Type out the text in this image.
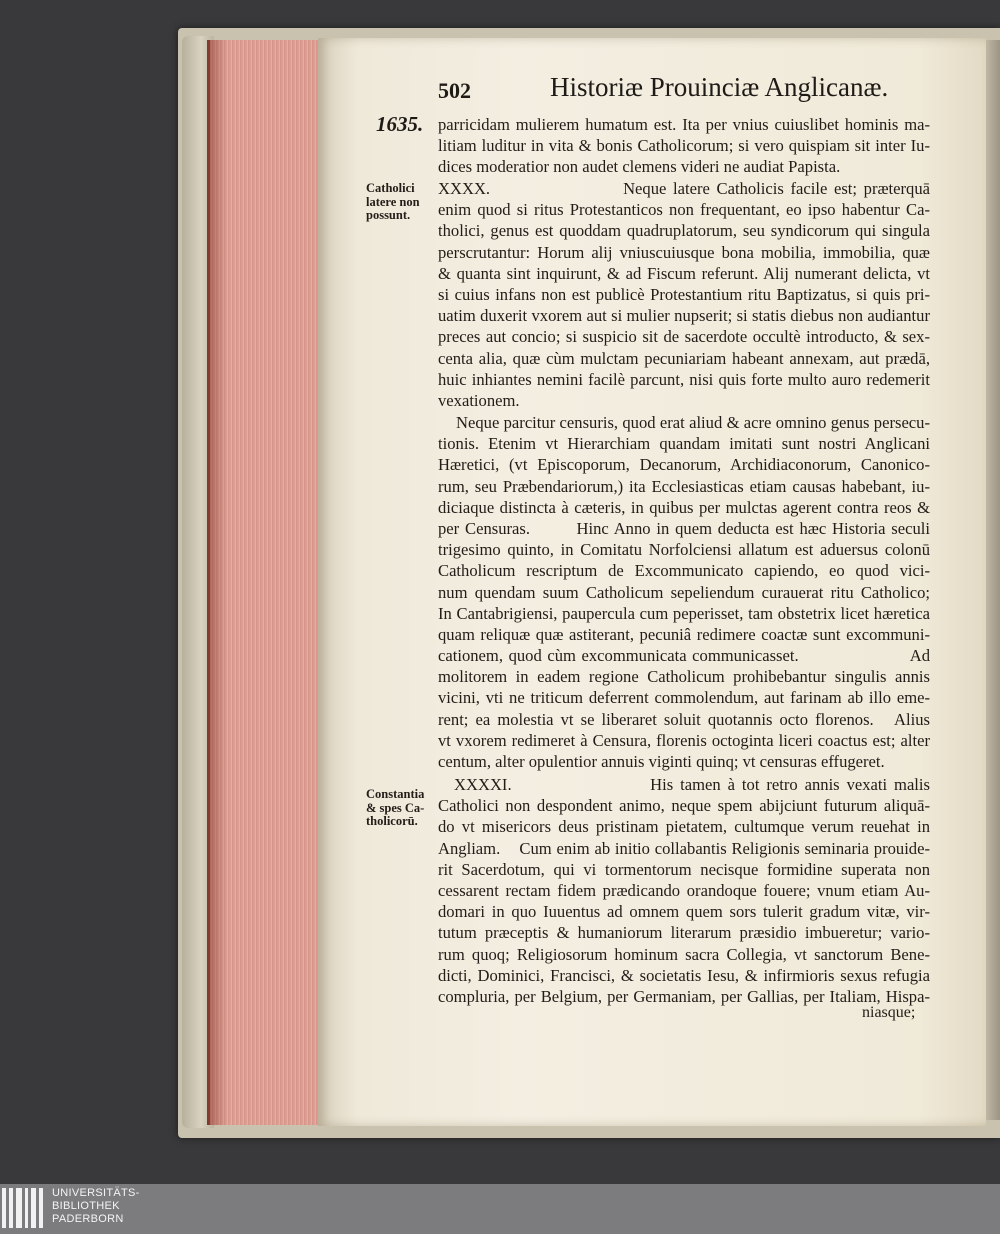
502	Historiæ Prouinciæ Anglicanæ.
1635.
Catholici
latere non
possunt.
Constantia
& spes Ca-
tholicorū.
parricidam mulierem humatum est. Ita per vnius cuiuslibet hominis ma-
litiam luditur in vita & bonis Catholicorum; si vero quispiam sit inter Iu-
dices moderatior non audet clemens videri ne audiat Papista.
XXXX.                    Neque latere Catholicis facile est; præterquā
enim quod si ritus Protestanticos non frequentant, eo ipso habentur Ca-
tholici, genus est quoddam quadruplatorum, seu syndicorum qui singula
perscrutantur: Horum alij vniuscuiusque bona mobilia, immobilia, quæ
& quanta sint inquirunt, & ad Fiscum referunt. Alij numerant delicta, vt
si cuius infans non est publicè Protestantium ritu Baptizatus, si quis pri-
uatim duxerit vxorem aut si mulier nupserit; si statis diebus non audiantur
preces aut concio; si suspicio sit de sacerdote occultè introducto, & sex-
centa alia, quæ cùm mulctam pecuniariam habeant annexam, aut prædā,
huic inhiantes nemini facilè parcunt, nisi quis forte multo auro redemerit
vexationem.
Neque parcitur censuris, quod erat aliud & acre omnino genus persecu-
tionis. Etenim vt Hierarchiam quandam imitati sunt nostri Anglicani
Hæretici, (vt Episcoporum, Decanorum, Archidiaconorum, Canonico-
rum, seu Præbendariorum,) ita Ecclesiasticas etiam causas habebant, iu-
diciaque distincta à cæteris, in quibus per mulctas agerent contra reos &
per Censuras.        Hinc Anno in quem deducta est hæc Historia seculi
trigesimo quinto, in Comitatu Norfolciensi allatum est aduersus colonū
Catholicum rescriptum de Excommunicato capiendo, eo quod vici-
num quendam suum Catholicum sepeliendum curauerat ritu Catholico;
In Cantabrigiensi, paupercula cum peperisset, tam obstetrix licet hæretica
quam reliquæ quæ astiterant, pecuniâ redimere coactæ sunt excommuni-
cationem, quod cùm excommunicata communicasset.                    Ad
molitorem in eadem regione Catholicum prohibebantur singulis annis
vicini, vti ne triticum deferrent commolendum, aut farinam ab illo eme-
rent; ea molestia vt se liberaret soluit quotannis octo florenos.   Alius
vt vxorem redimeret à Censura, florenis octoginta liceri coactus est; alter
centum, alter opulentior annuis viginti quinq; vt censuras effugeret.
XXXXI.                    His tamen à tot retro annis vexati malis
Catholici non despondent animo, neque spem abijciunt futurum aliquā-
do vt misericors deus pristinam pietatem, cultumque verum reuehat in
Angliam.    Cum enim ab initio collabantis Religionis seminaria prouide-
rit Sacerdotum, qui vi tormentorum necisque formidine superata non
cessarent rectam fidem prædicando orandoque fouere; vnum etiam Au-
domari in quo Iuuentus ad omnem quem sors tulerit gradum vitæ, vir-
tutum præceptis & humaniorum literarum præsidio imbueretur; vario-
rum quoq; Religiosorum hominum sacra Collegia, vt sanctorum Bene-
dicti, Dominici, Francisci, & societatis Iesu, & infirmioris sexus refugia
compluria, per Belgium, per Germaniam, per Gallias, per Italiam, Hispa-
niasque;
UNIVERSITÄTS-
BIBLIOTHEK
PADERBORN
